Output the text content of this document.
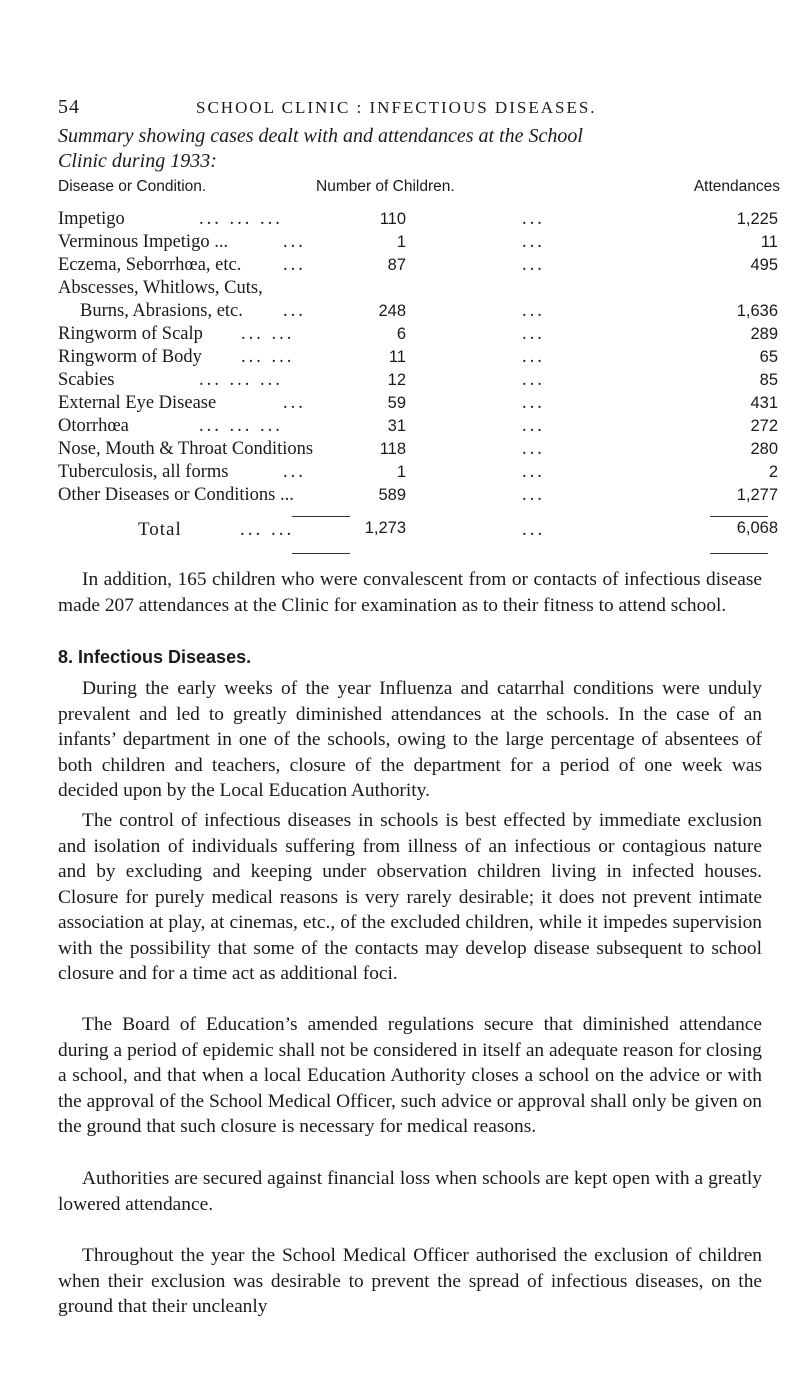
54	SCHOOL CLINIC : INFECTIOUS DISEASES.
Summary showing cases dealt with and attendances at the School
Clinic during 1933:
Disease or Condition.	Number of Children.	Attendances
Impetigo	... ... ...	110	...	1,225
Verminous Impetigo ...	...	1	...	11
Eczema, Seborrhœa, etc. ...	87	...	495
Abscesses, Whitlows, Cuts,
Burns, Abrasions, etc. ...	248	...	1,636
Ringworm of Scalp ... ...	6	...	289
Ringworm of Body ... ...	11	...	65
Scabies	... ... ...	12	...	85
External Eye Disease	...	59	...	431
Otorrhœa	... ... ...	31	...	272
Nose, Mouth & Throat Conditions	118	...	280
Tuberculosis, all forms	...	1	...	2
Other Diseases or Conditions ...	589	...	1,277
Total	... ...	1,273	...	6,068

In addition, 165 children who were convalescent from or contacts of infectious disease made 207 attendances at the Clinic for examination as to their fitness to attend school.

8. Infectious Diseases.

During the early weeks of the year Influenza and catarrhal conditions were unduly prevalent and led to greatly diminished attendances at the schools. In the case of an infants’ department in one of the schools, owing to the large percentage of absentees of both children and teachers, closure of the department for a period of one week was decided upon by the Local Education Authority.

The control of infectious diseases in schools is best effected by immediate exclusion and isolation of individuals suffering from illness of an infectious or contagious nature and by excluding and keeping under observation children living in infected houses. Closure for purely medical reasons is very rarely desirable; it does not prevent intimate association at play, at cinemas, etc., of the excluded children, while it impedes supervision with the possibility that some of the contacts may develop disease subsequent to school closure and for a time act as additional foci.

The Board of Education’s amended regulations secure that diminished attendance during a period of epidemic shall not be considered in itself an adequate reason for closing a school, and that when a local Education Authority closes a school on the advice or with the approval of the School Medical Officer, such advice or approval shall only be given on the ground that such closure is necessary for medical reasons.

Authorities are secured against financial loss when schools are kept open with a greatly lowered attendance.

Throughout the year the School Medical Officer authorised the exclusion of children when their exclusion was desirable to prevent the spread of infectious diseases, on the ground that their uncleanly
